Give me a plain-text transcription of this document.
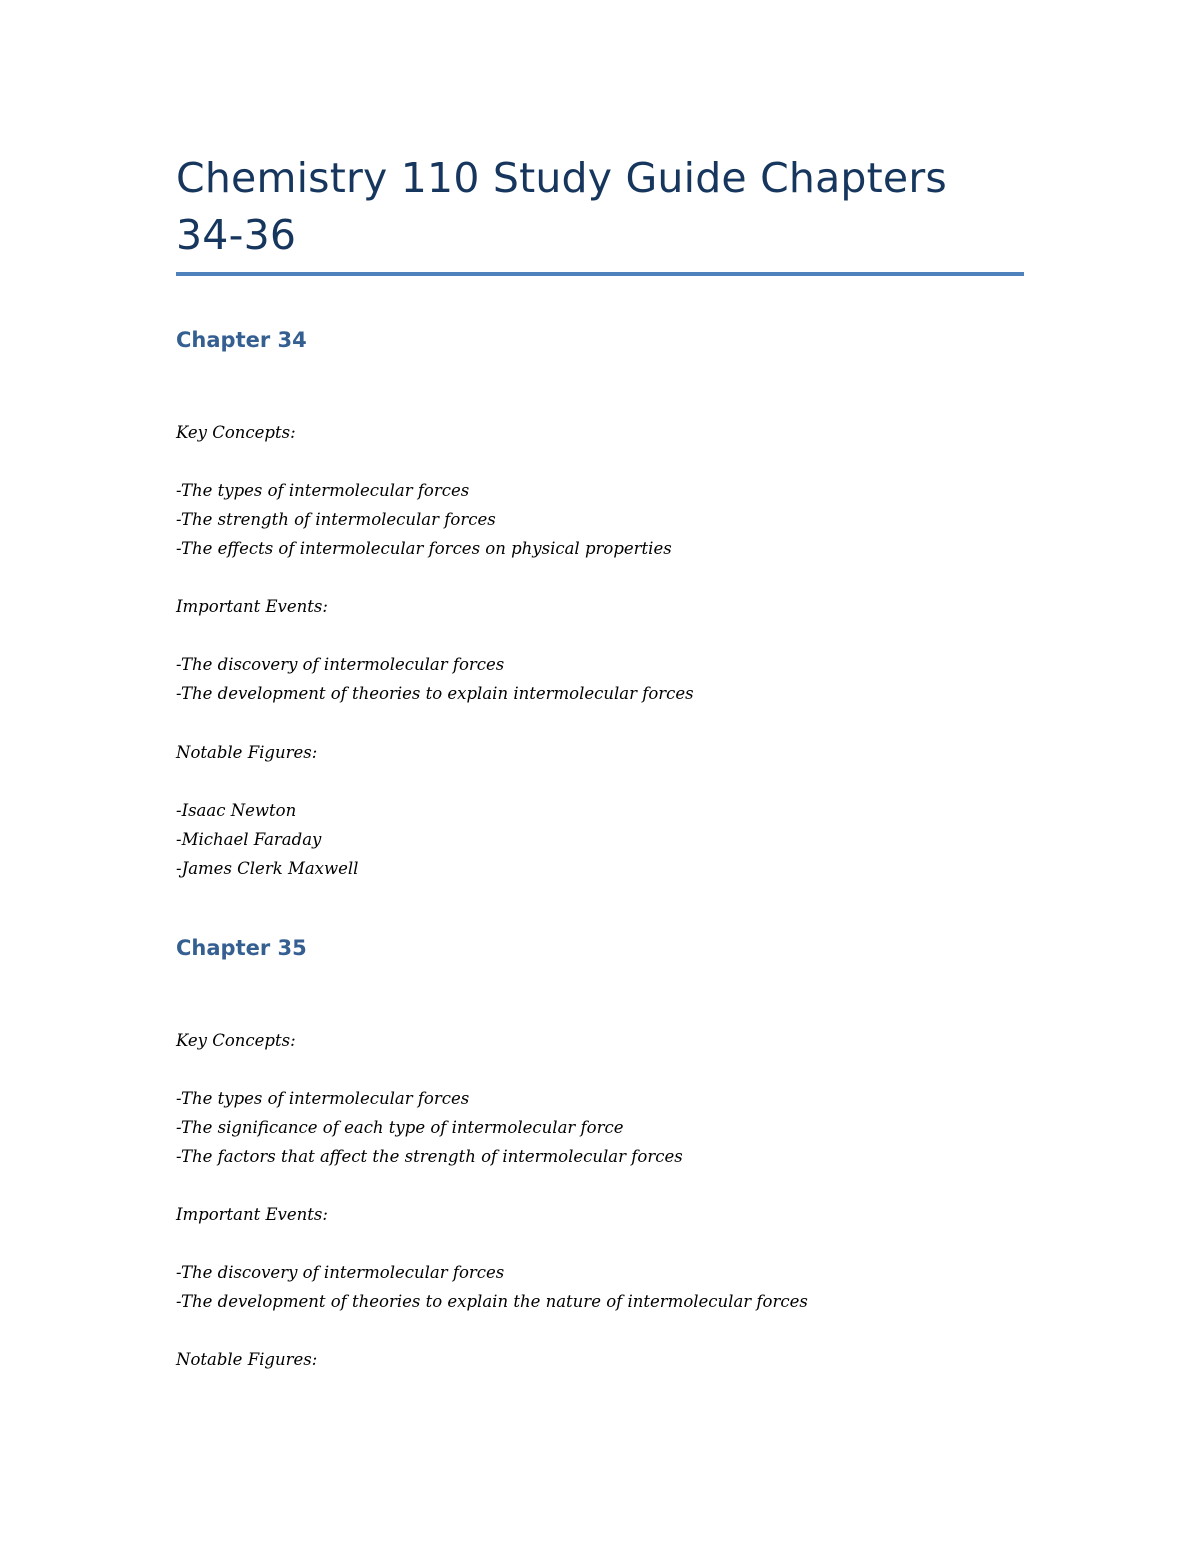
Chemistry 110 Study Guide Chapters
34-36
Chapter 34
Key Concepts:
-The types of intermolecular forces
-The strength of intermolecular forces
-The effects of intermolecular forces on physical properties
Important Events:
-The discovery of intermolecular forces
-The development of theories to explain intermolecular forces
Notable Figures:
-Isaac Newton
-Michael Faraday
-James Clerk Maxwell
Chapter 35
Key Concepts:
-The types of intermolecular forces
-The significance of each type of intermolecular force
-The factors that affect the strength of intermolecular forces
Important Events:
-The discovery of intermolecular forces
-The development of theories to explain the nature of intermolecular forces
Notable Figures:
